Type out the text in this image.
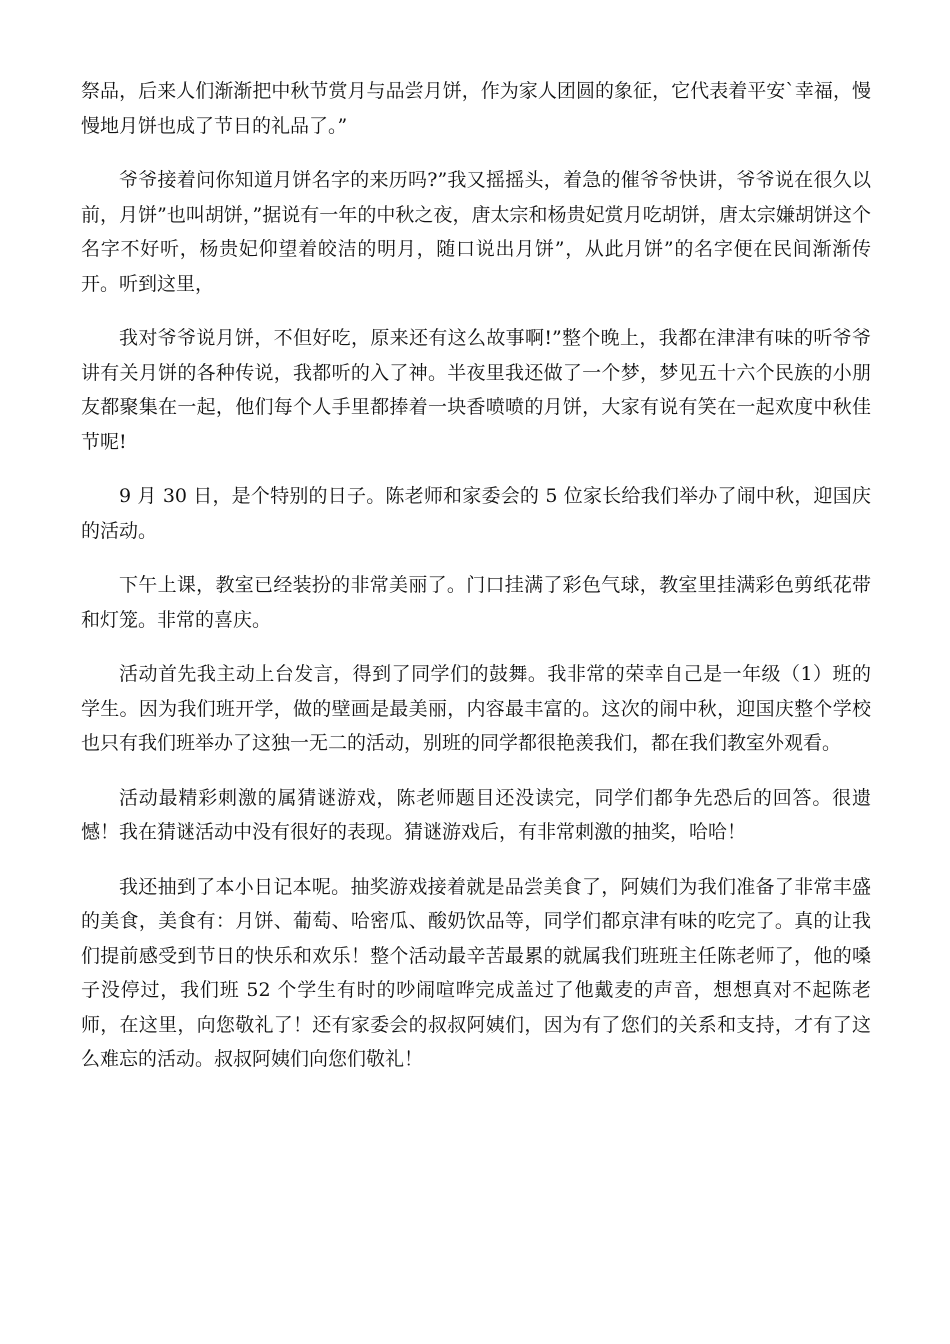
祭品，后来人们渐渐把中秋节赏月与品尝月饼，作为家人团圆的象征，它代表着平安`幸福，慢慢地月饼也成了节日的礼品了。”

爷爷接着问你知道月饼名字的来历吗?”我又摇摇头，着急的催爷爷快讲，爷爷说在很久以前，月饼”也叫胡饼，”据说有一年的中秋之夜，唐太宗和杨贵妃赏月吃胡饼，唐太宗嫌胡饼这个名字不好听，杨贵妃仰望着皎洁的明月，随口说出月饼”，从此月饼”的名字便在民间渐渐传开。听到这里，

我对爷爷说月饼，不但好吃，原来还有这么故事啊!”整个晚上，我都在津津有味的听爷爷讲有关月饼的各种传说，我都听的入了神。半夜里我还做了一个梦，梦见五十六个民族的小朋友都聚集在一起，他们每个人手里都捧着一块香喷喷的月饼，大家有说有笑在一起欢度中秋佳节呢!

9 月 30 日，是个特别的日子。陈老师和家委会的 5 位家长给我们举办了闹中秋，迎国庆的活动。

下午上课，教室已经装扮的非常美丽了。门口挂满了彩色气球，教室里挂满彩色剪纸花带和灯笼。非常的喜庆。

活动首先我主动上台发言，得到了同学们的鼓舞。我非常的荣幸自己是一年级（1）班的学生。因为我们班开学，做的壁画是最美丽，内容最丰富的。这次的闹中秋，迎国庆整个学校也只有我们班举办了这独一无二的活动，别班的同学都很艳羡我们，都在我们教室外观看。

活动最精彩刺激的属猜谜游戏，陈老师题目还没读完，同学们都争先恐后的回答。很遗憾！我在猜谜活动中没有很好的表现。猜谜游戏后，有非常刺激的抽奖，哈哈！

我还抽到了本小日记本呢。抽奖游戏接着就是品尝美食了，阿姨们为我们准备了非常丰盛的美食，美食有：月饼、葡萄、哈密瓜、酸奶饮品等，同学们都京津有味的吃完了。真的让我们提前感受到节日的快乐和欢乐！整个活动最辛苦最累的就属我们班班主任陈老师了，他的嗓子没停过，我们班 52 个学生有时的吵闹喧哗完成盖过了他戴麦的声音，想想真对不起陈老师，在这里，向您敬礼了！还有家委会的叔叔阿姨们，因为有了您们的关系和支持，才有了这么难忘的活动。叔叔阿姨们向您们敬礼！
